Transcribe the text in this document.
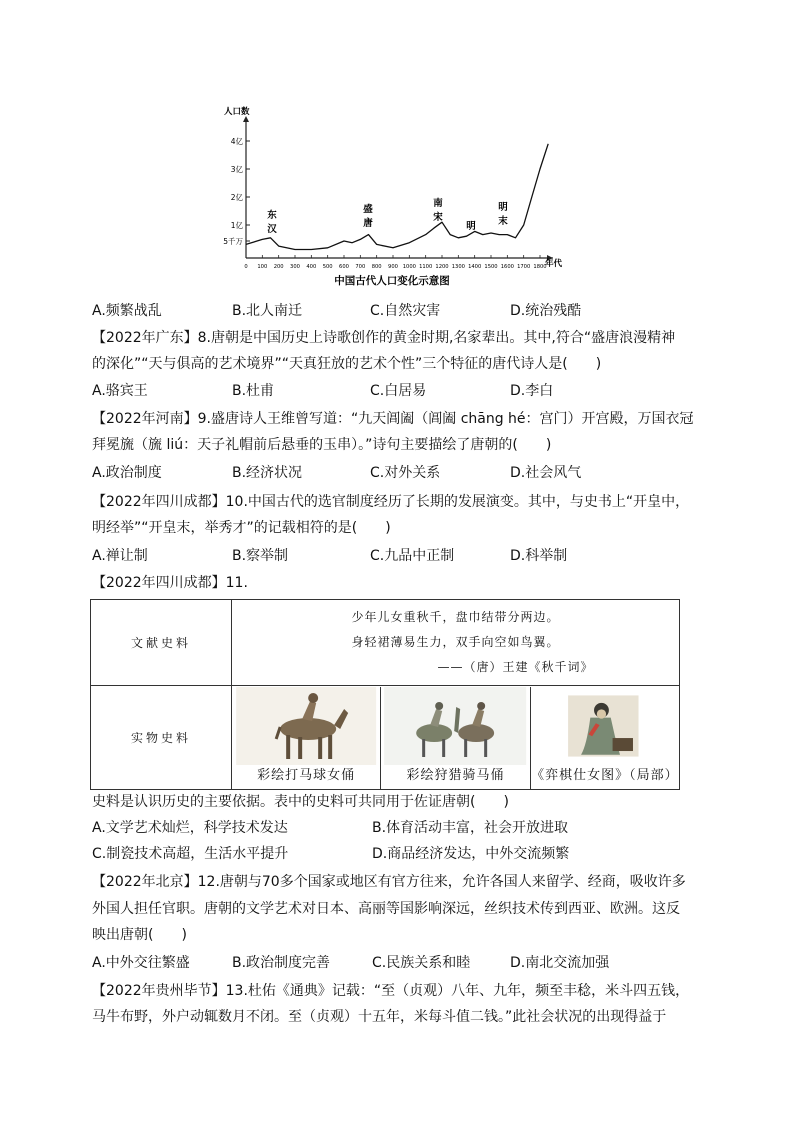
人口数
年代
4亿
3亿
2亿
1亿
5千万
0 100 200 300 400 500 600 700 800 900 1000 1100 1200 1300 1400 1500 1600 1700 1800
东
汉
盛
唐
南
宋
明
明
末
中国古代人口变化示意图
A.频繁战乱	B.北人南迁	C.自然灾害	D.统治残酷
【2022年广东】8.唐朝是中国历史上诗歌创作的黄金时期,名家辈出。其中,符合“盛唐浪漫精神
的深化”“天与俱高的艺术境界”“天真狂放的艺术个性”三个特征的唐代诗人是(　　)
A.骆宾王	B.杜甫	C.白居易	D.李白
【2022年河南】9.盛唐诗人王维曾写道：“九天阊阖（阊阖 chāng hé：宫门）开宫殿，万国衣冠
拜冕旒（旒 liú：天子礼帽前后悬垂的玉串）。”诗句主要描绘了唐朝的(　　)
A.政治制度	B.经济状况	C.对外关系	D.社会风气
【2022年四川成都】10.中国古代的选官制度经历了长期的发展演变。其中，与史书上“开皇中，
明经举”“开皇末，举秀才”的记载相符的是(　　)
A.禅让制	B.察举制	C.九品中正制	D.科举制
【2022年四川成都】11.
文献史料	少年儿女重秋千，盘巾结带分两边。
身轻裙薄易生力，双手向空如鸟翼。
——（唐）王建《秋千词》

实物史料	彩绘打马球女俑 彩绘狩猎骑马俑 《弈棋仕女图》（局部）
史料是认识历史的主要依据。表中的史料可共同用于佐证唐朝(　　)
A.文学艺术灿烂，科学技术发达	B.体育活动丰富，社会开放进取
C.制瓷技术高超，生活水平提升	D.商品经济发达，中外交流频繁
【2022年北京】12.唐朝与70多个国家或地区有官方往来，允许各国人来留学、经商，吸收许多
外国人担任官职。唐朝的文学艺术对日本、高丽等国影响深远，丝织技术传到西亚、欧洲。这反
映出唐朝(　　)
A.中外交往繁盛	B.政治制度完善	C.民族关系和睦	D.南北交流加强
【2022年贵州毕节】13.杜佑《通典》记载：“至（贞观）八年、九年，频至丰稔，米斗四五钱，
马牛布野，外户动辄数月不闭。至（贞观）十五年，米每斗值二钱。”此社会状况的出现得益于
